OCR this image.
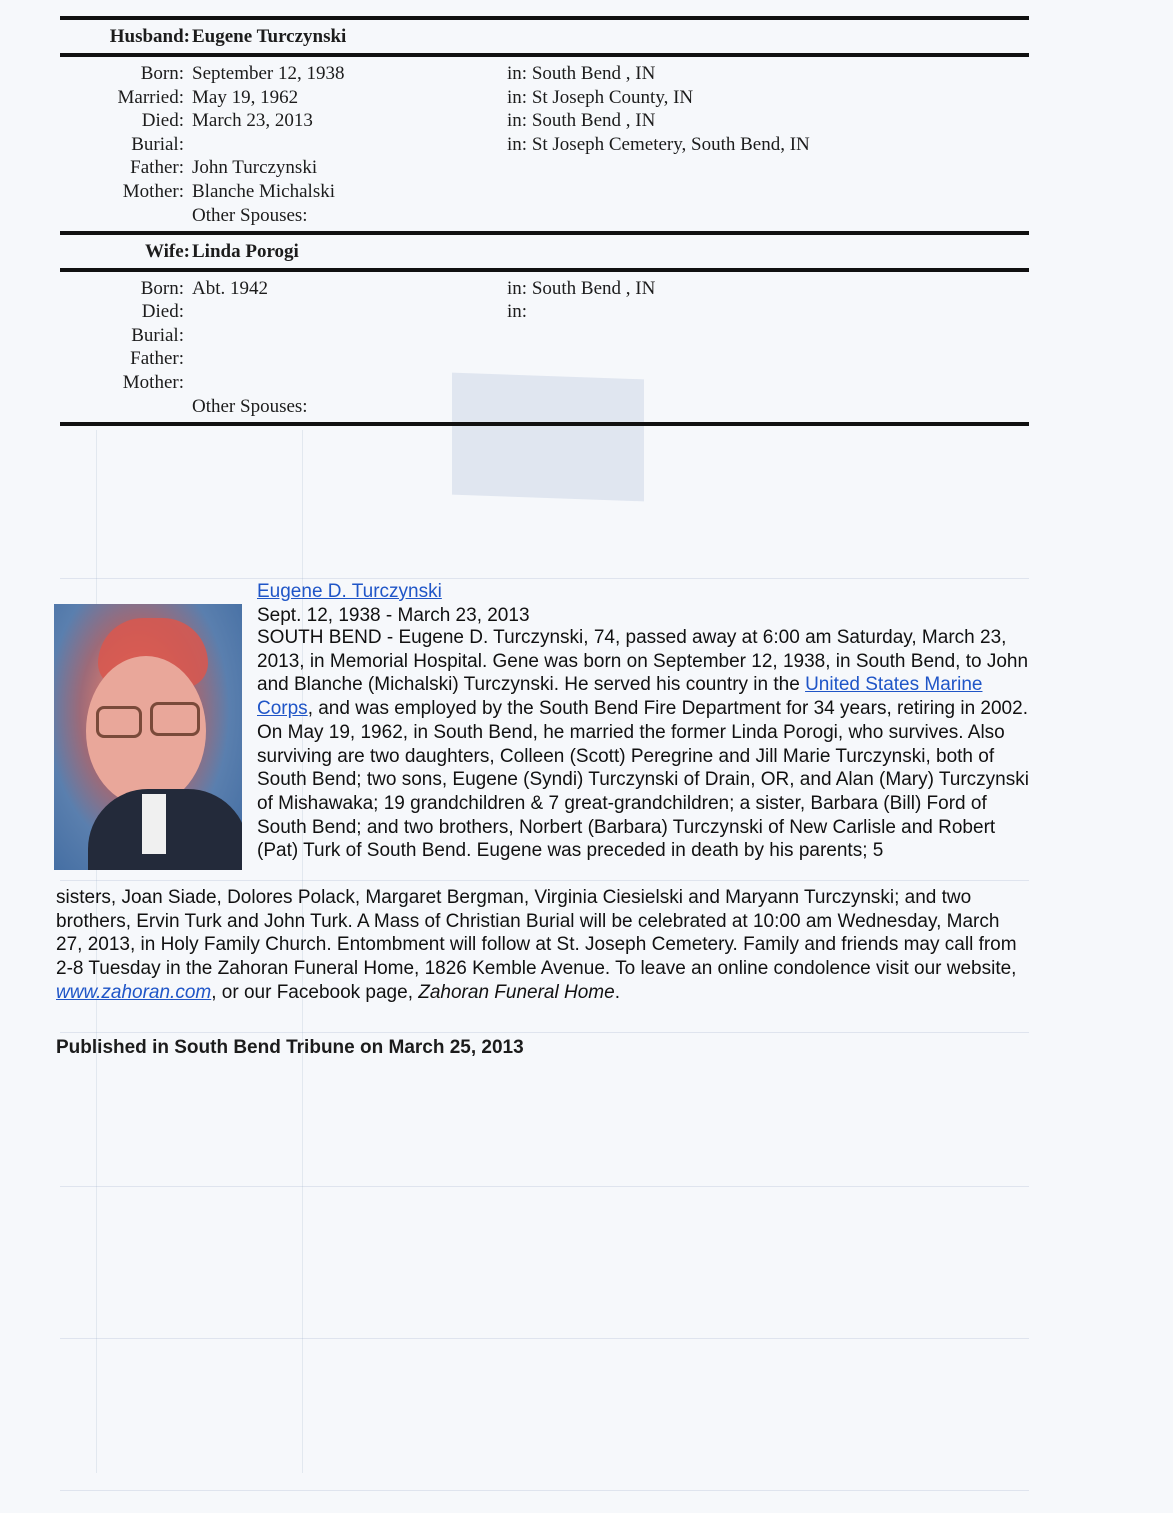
Husband: Eugene Turczynski
Born: September 12, 1938	in: South Bend , IN
Married: May 19, 1962	in: St Joseph County, IN
Died: March 23, 2013	in: South Bend , IN
Burial:	in: St Joseph Cemetery, South Bend, IN
Father: John Turczynski
Mother: Blanche Michalski
Other Spouses:
Wife: Linda Porogi
Born: Abt. 1942	in: South Bend , IN
Died:	in:
Burial:
Father:
Mother:
Other Spouses:
Eugene D. Turczynski
Sept. 12, 1938 - March 23, 2013
SOUTH BEND - Eugene D. Turczynski, 74, passed away at 6:00 am Saturday, March 23, 2013, in Memorial Hospital. Gene was born on September 12, 1938, in South Bend, to John and Blanche (Michalski) Turczynski. He served his country in the United States Marine Corps, and was employed by the South Bend Fire Department for 34 years, retiring in 2002. On May 19, 1962, in South Bend, he married the former Linda Porogi, who survives. Also surviving are two daughters, Colleen (Scott) Peregrine and Jill Marie Turczynski, both of South Bend; two sons, Eugene (Syndi) Turczynski of Drain, OR, and Alan (Mary) Turczynski of Mishawaka; 19 grandchildren & 7 great-grandchildren; a sister, Barbara (Bill) Ford of South Bend; and two brothers, Norbert (Barbara) Turczynski of New Carlisle and Robert (Pat) Turk of South Bend. Eugene was preceded in death by his parents; 5
sisters, Joan Siade, Dolores Polack, Margaret Bergman, Virginia Ciesielski and Maryann Turczynski; and two brothers, Ervin Turk and John Turk. A Mass of Christian Burial will be celebrated at 10:00 am Wednesday, March 27, 2013, in Holy Family Church. Entombment will follow at St. Joseph Cemetery. Family and friends may call from 2-8 Tuesday in the Zahoran Funeral Home, 1826 Kemble Avenue. To leave an online condolence visit our website, www.zahoran.com, or our Facebook page, Zahoran Funeral Home.
Published in South Bend Tribune on March 25, 2013
